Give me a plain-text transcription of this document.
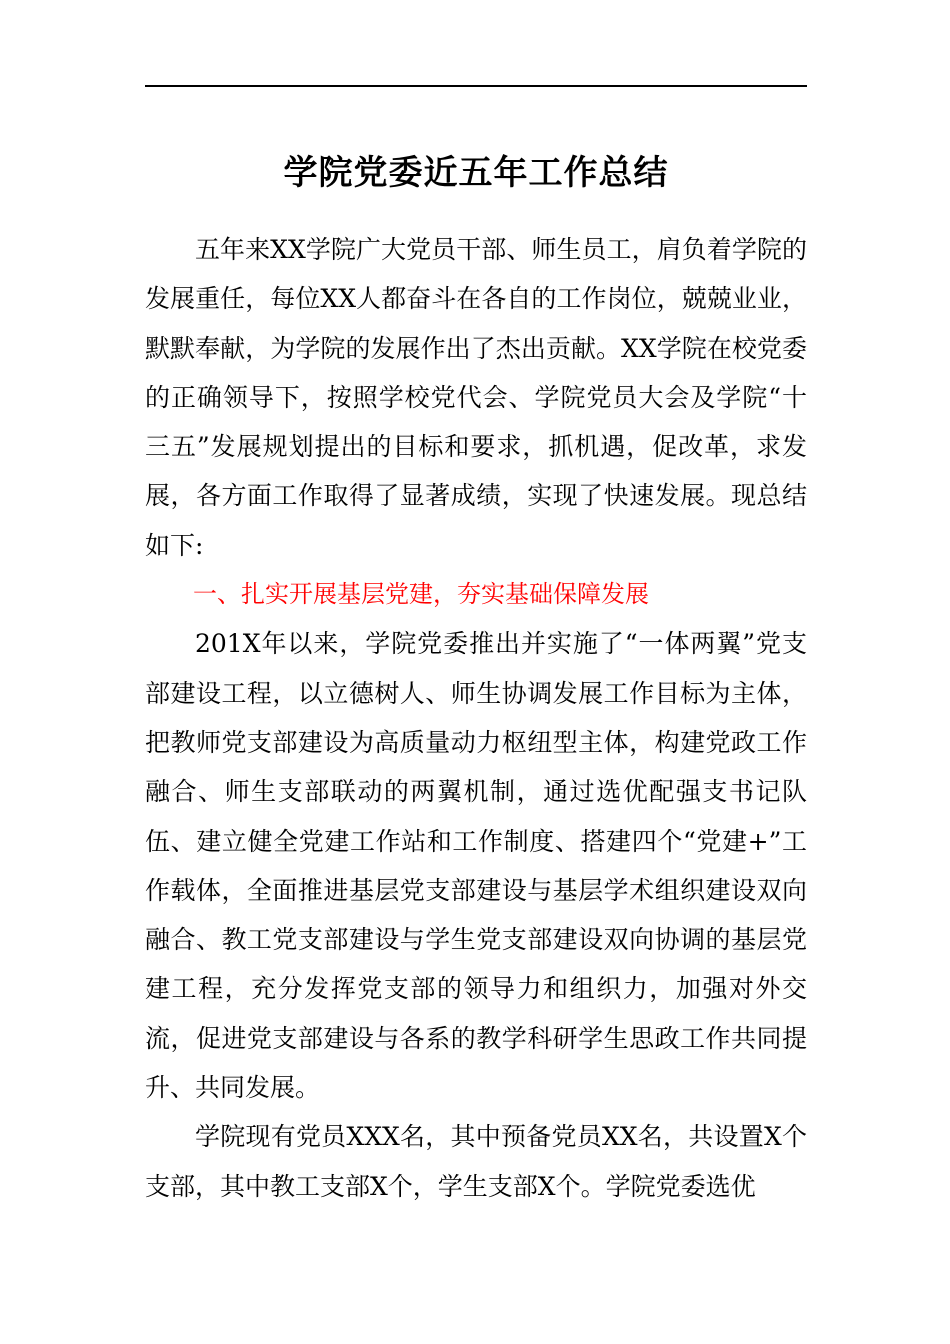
学院党委近五年工作总结

五年来XX学院广大党员干部、师生员工，肩负着学院的发展重任，每位XX人都奋斗在各自的工作岗位，兢兢业业，默默奉献，为学院的发展作出了杰出贡献。XX学院在校党委的正确领导下，按照学校党代会、学院党员大会及学院“十三五”发展规划提出的目标和要求，抓机遇，促改革，求发展，各方面工作取得了显著成绩，实现了快速发展。现总结如下:

一、扎实开展基层党建，夯实基础保障发展

201X年以来，学院党委推出并实施了“一体两翼”党支部建设工程，以立德树人、师生协调发展工作目标为主体，把教师党支部建设为高质量动力枢纽型主体，构建党政工作融合、师生支部联动的两翼机制，通过选优配强支书记队伍、建立健全党建工作站和工作制度、搭建四个“党建+”工作载体，全面推进基层党支部建设与基层学术组织建设双向融合、教工党支部建设与学生党支部建设双向协调的基层党建工程，充分发挥党支部的领导力和组织力，加强对外交流，促进党支部建设与各系的教学科研学生思政工作共同提升、共同发展。

学院现有党员XXX名，其中预备党员XX名，共设置X个支部，其中教工支部X个，学生支部X个。学院党委选优
